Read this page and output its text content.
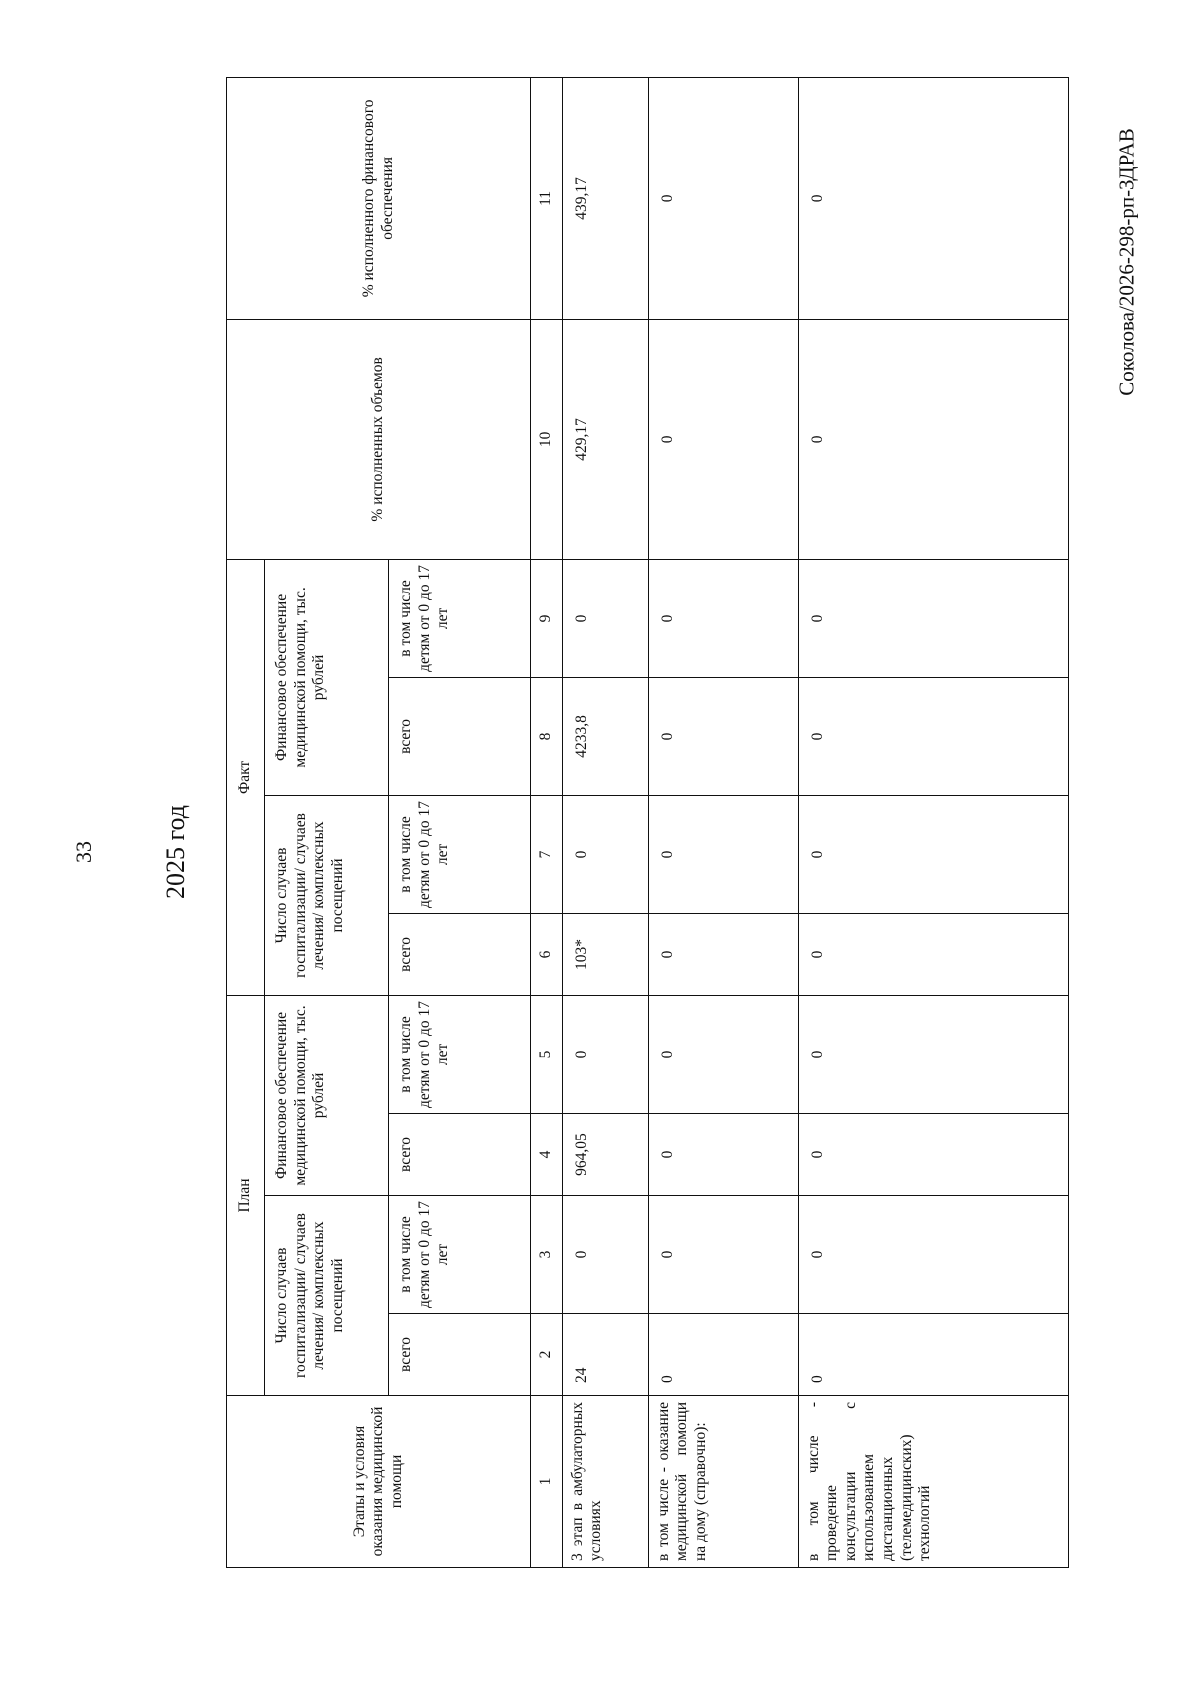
33	2025 год
Соколова/2026-298-рп-ЗДРАВ
Этапы и условия оказания медицинской помощи	План				Факт				% исполненных объемов	% исполненного финансового обеспечения
	Число случаев госпитализации/ случаев лечения/ комплексных посещений		Финансовое обеспечение медицинской помощи, тыс. рублей		Число случаев госпитализации/ случаев лечения/ комплексных посещений		Финансовое обеспечение медицинской помощи, тыс. рублей			
	всего	в том числе детям от 0 до 17 лет	всего	в том числе детям от 0 до 17 лет	всего	в том числе детям от 0 до 17 лет	всего	в том числе детям от 0 до 17 лет		
1	2	3	4	5	6	7	8	9	10	11
3 этап в амбулаторных условиях	24	0	964,05	0	103*	0	4233,8	0	429,17	439,17
в том числе - оказание медицинской помощи на дому (справочно):	0	0	0	0	0	0	0	0	0	0
в том числе - проведение консультации с использованием дистанционных (телемедицинских) технологий	0	0	0	0	0	0	0	0	0	0
